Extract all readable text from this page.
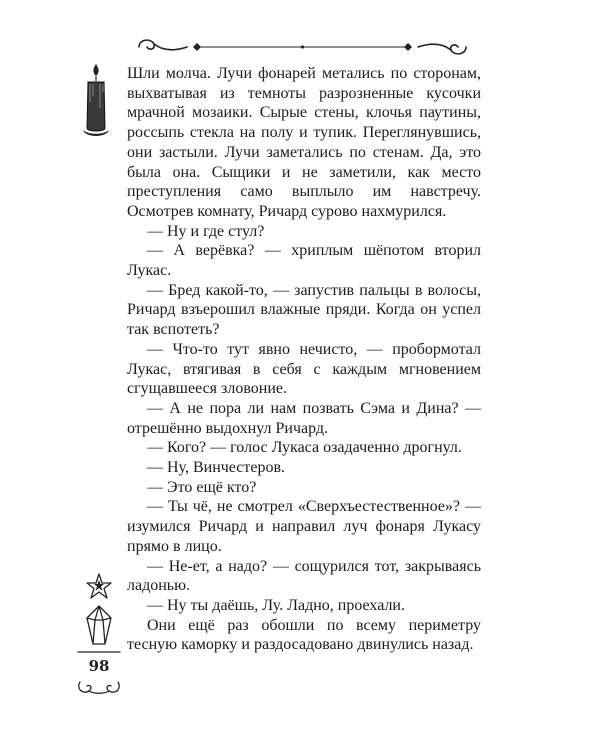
Шли молча. Лучи фонарей метались по сторонам, выхватывая из темноты разрозненные кусочки мрачной мозаики. Сырые стены, клочья паутины, россыпь стекла на полу и тупик. Переглянувшись, они застыли. Лучи заметались по стенам. Да, это была она. Сыщики и не заметили, как место преступления само выплыло им навстречу. Осмотрев комнату, Ричард сурово нахмурился.

— Ну и где стул?

— А верёвка? — хриплым шёпотом вторил Лукас.

— Бред какой-то, — запустив пальцы в волосы, Ричард взъерошил влажные пряди. Когда он успел так вспотеть?

— Что-то тут явно нечисто, — пробормотал Лукас, втягивая в себя с каждым мгновением сгущавшееся зловоние.

— А не пора ли нам позвать Сэма и Дина? — отрешённо выдохнул Ричард.

— Кого? — голос Лукаса озадаченно дрогнул.

— Ну, Винчестеров.

— Это ещё кто?

— Ты чё, не смотрел «Сверхъестественное»? — изумился Ричард и направил луч фонаря Лукасу прямо в лицо.

— Не-ет, а надо? — сощурился тот, закрываясь ладонью.

— Ну ты даёшь, Лу. Ладно, проехали.

Они ещё раз обошли по всему периметру тесную каморку и раздосадовано двинулись назад.

98
